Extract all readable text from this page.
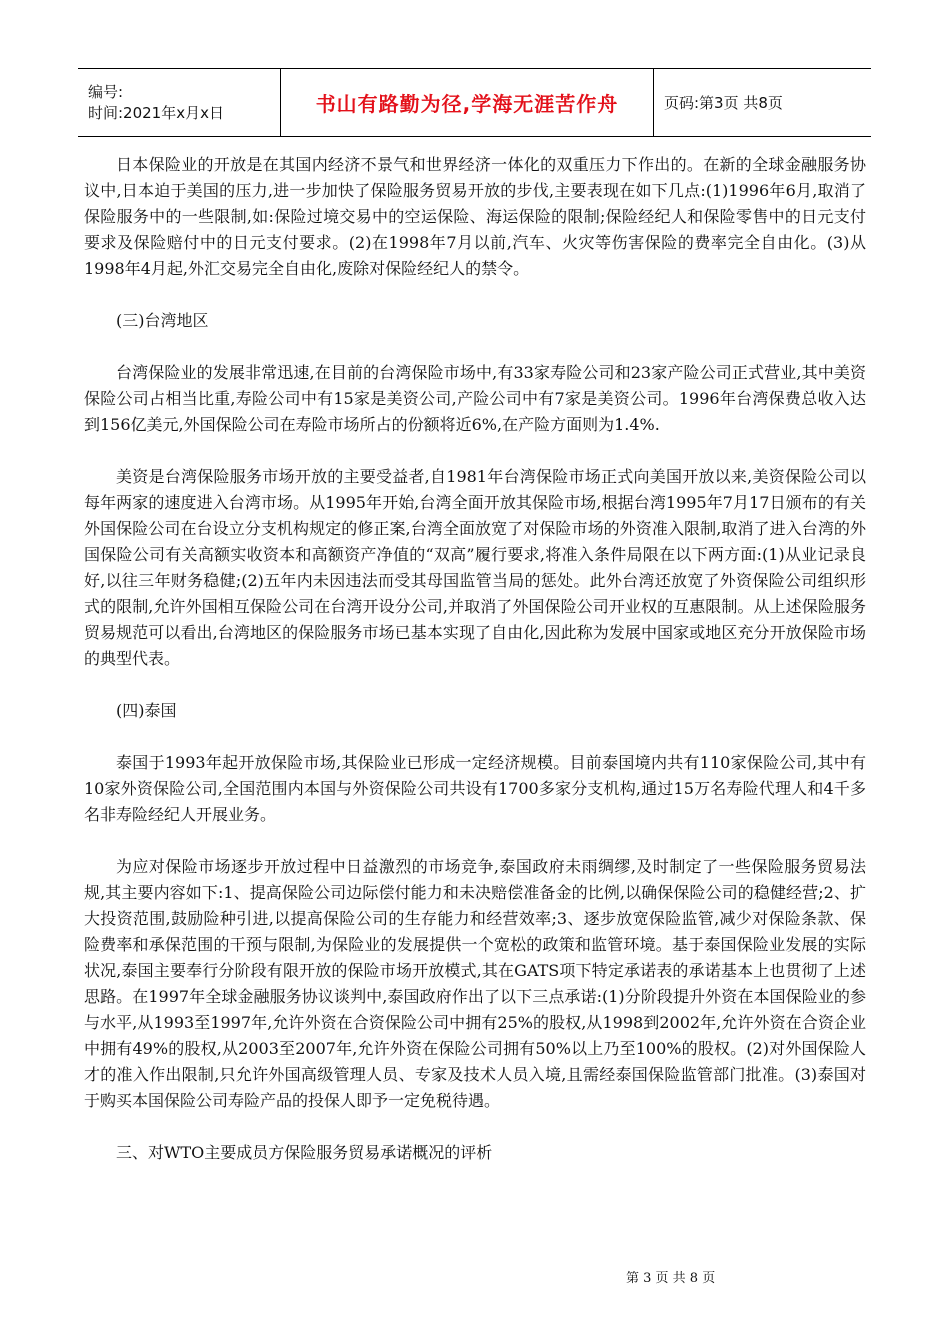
编号:
时间:2021年x月x日	书山有路勤为径,学海无涯苦作舟	页码:第3页 共8页

日本保险业的开放是在其国内经济不景气和世界经济一体化的双重压力下作出的。在新的全球金融服务协议中,日本迫于美国的压力,进一步加快了保险服务贸易开放的步伐,主要表现在如下几点:(1)1996年6月,取消了保险服务中的一些限制,如:保险过境交易中的空运保险、海运保险的限制;保险经纪人和保险零售中的日元支付要求及保险赔付中的日元支付要求。(2)在1998年7月以前,汽车、火灾等伤害保险的费率完全自由化。(3)从1998年4月起,外汇交易完全自由化,废除对保险经纪人的禁令。

(三)台湾地区

台湾保险业的发展非常迅速,在目前的台湾保险市场中,有33家寿险公司和23家产险公司正式营业,其中美资保险公司占相当比重,寿险公司中有15家是美资公司,产险公司中有7家是美资公司。1996年台湾保费总收入达到156亿美元,外国保险公司在寿险市场所占的份额将近6%,在产险方面则为1.4%.

美资是台湾保险服务市场开放的主要受益者,自1981年台湾保险市场正式向美国开放以来,美资保险公司以每年两家的速度进入台湾市场。从1995年开始,台湾全面开放其保险市场,根据台湾1995年7月17日颁布的有关外国保险公司在台设立分支机构规定的修正案,台湾全面放宽了对保险市场的外资准入限制,取消了进入台湾的外国保险公司有关高额实收资本和高额资产净值的“双高”履行要求,将准入条件局限在以下两方面:(1)从业记录良好,以往三年财务稳健;(2)五年内未因违法而受其母国监管当局的惩处。此外台湾还放宽了外资保险公司组织形式的限制,允许外国相互保险公司在台湾开设分公司,并取消了外国保险公司开业权的互惠限制。从上述保险服务贸易规范可以看出,台湾地区的保险服务市场已基本实现了自由化,因此称为发展中国家或地区充分开放保险市场的典型代表。

(四)泰国

泰国于1993年起开放保险市场,其保险业已形成一定经济规模。目前泰国境内共有110家保险公司,其中有10家外资保险公司,全国范围内本国与外资保险公司共设有1700多家分支机构,通过15万名寿险代理人和4千多名非寿险经纪人开展业务。

为应对保险市场逐步开放过程中日益激烈的市场竞争,泰国政府未雨绸缪,及时制定了一些保险服务贸易法规,其主要内容如下:1、提高保险公司边际偿付能力和未决赔偿准备金的比例,以确保保险公司的稳健经营;2、扩大投资范围,鼓励险种引进,以提高保险公司的生存能力和经营效率;3、逐步放宽保险监管,减少对保险条款、保险费率和承保范围的干预与限制,为保险业的发展提供一个宽松的政策和监管环境。基于泰国保险业发展的实际状况,泰国主要奉行分阶段有限开放的保险市场开放模式,其在GATS项下特定承诺表的承诺基本上也贯彻了上述思路。在1997年全球金融服务协议谈判中,泰国政府作出了以下三点承诺:(1)分阶段提升外资在本国保险业的参与水平,从1993至1997年,允许外资在合资保险公司中拥有25%的股权,从1998到2002年,允许外资在合资企业中拥有49%的股权,从2003至2007年,允许外资在保险公司拥有50%以上乃至100%的股权。(2)对外国保险人才的准入作出限制,只允许外国高级管理人员、专家及技术人员入境,且需经泰国保险监管部门批准。(3)泰国对于购买本国保险公司寿险产品的投保人即予一定免税待遇。

三、对WTO主要成员方保险服务贸易承诺概况的评析

第 3 页 共 8 页
